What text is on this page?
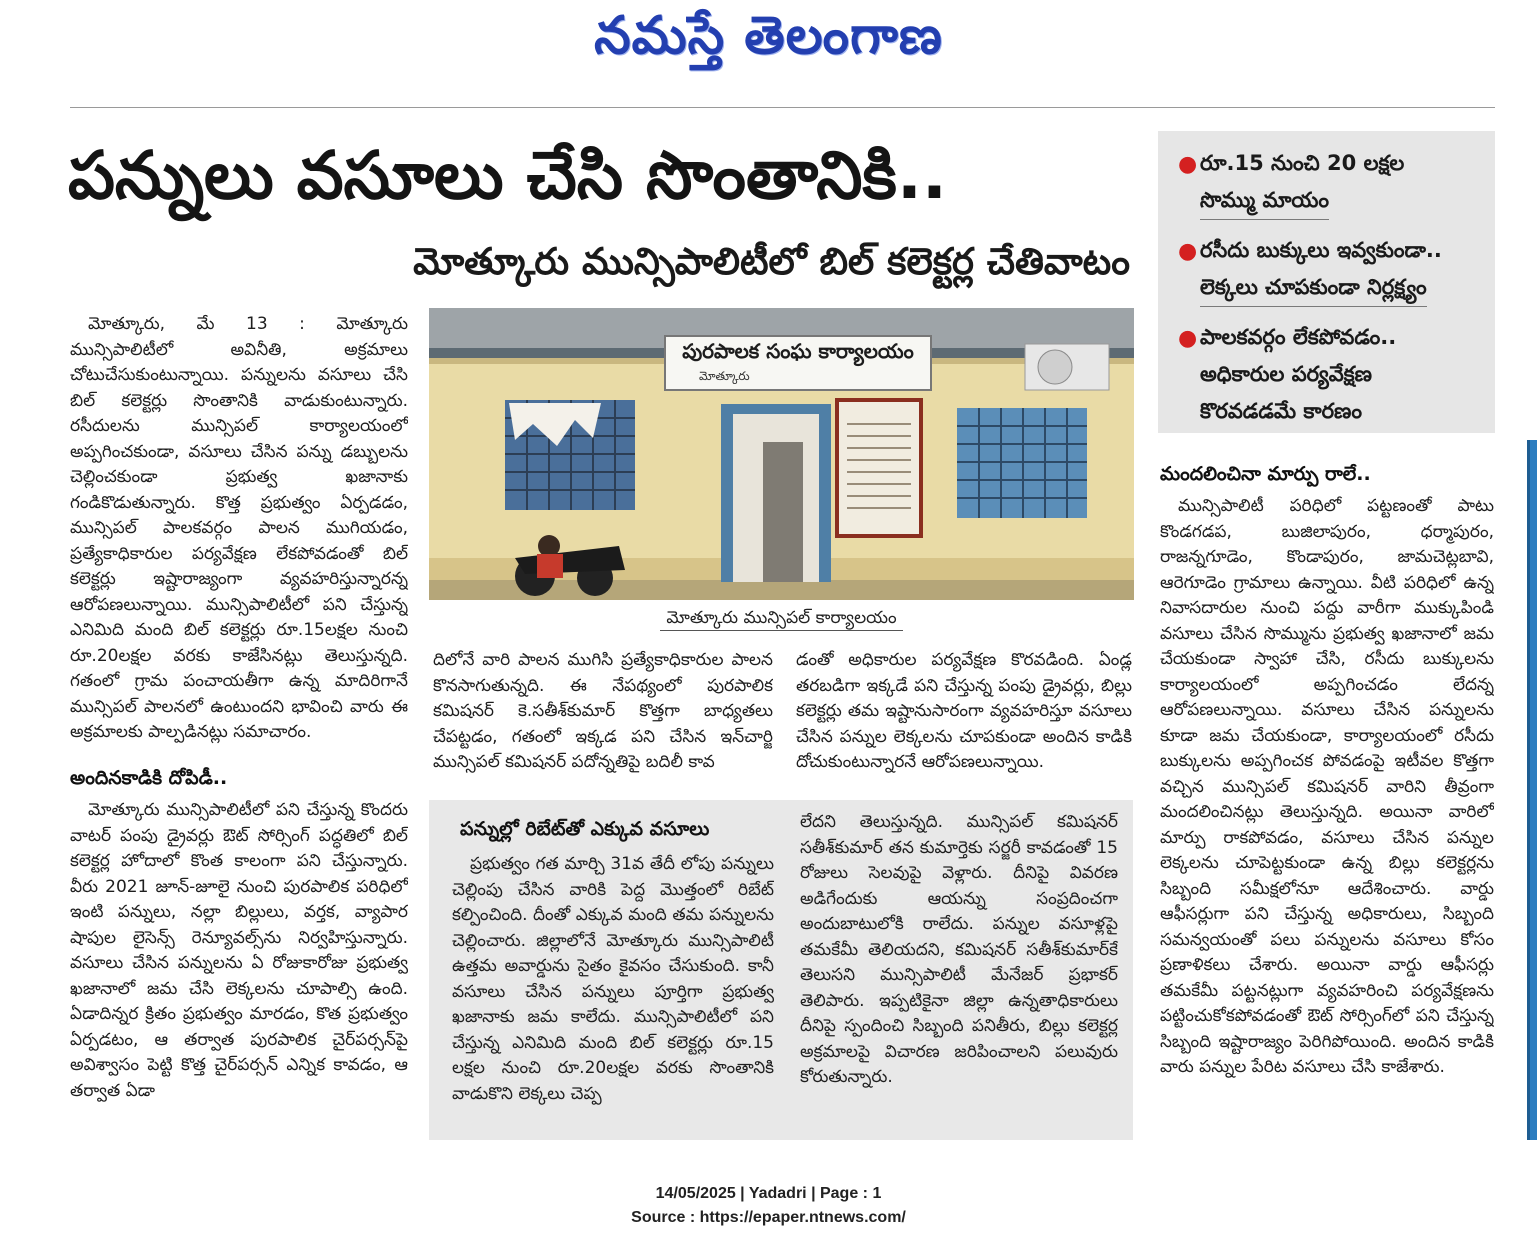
నమస్తే తెలంగాణ
పన్నులు వసూలు చేసి సొంతానికి..
మోత్కూరు మున్సిపాలిటీలో బిల్ కలెక్టర్ల చేతివాటం
● రూ.15 నుంచి 20 లక్షల
సొమ్ము మాయం
● రసీదు బుక్కులు ఇవ్వకుండా..
లెక్కలు చూపకుండా నిర్లక్ష్యం
● పాలకవర్గం లేకపోవడం..
అధికారుల పర్యవేక్షణ
కొరవడడమే కారణం

మోత్కూరు, మే 13 : మోత్కూరు మున్సిపాలిటీలో అవినీతి, అక్రమాలు చోటుచేసుకుంటున్నాయి. పన్నులను వసూలు చేసి బిల్ కలెక్టర్లు సొంతానికి వాడుకుంటున్నారు. రసీదులను మున్సిపల్ కార్యాలయంలో అప్పగించకుండా, వసూలు చేసిన పన్ను డబ్బులను చెల్లించకుండా ప్రభుత్వ ఖజానాకు గండికొడుతున్నారు. కొత్త ప్రభుత్వం ఏర్పడడం, మున్సిపల్ పాలకవర్గం పాలన ముగియడం, ప్రత్యేకాధికారుల పర్యవేక్షణ లేకపోవడంతో బిల్ కలెక్టర్లు ఇష్టారాజ్యంగా వ్యవహరిస్తున్నారన్న ఆరోపణలున్నాయి. మున్సిపాలిటీలో పని చేస్తున్న ఎనిమిది మంది బిల్ కలెక్టర్లు రూ.15లక్షల నుంచి రూ.20లక్షల వరకు కాజేసినట్లు తెలుస్తున్నది. గతంలో గ్రామ పంచాయతీగా ఉన్న మాదిరిగానే మున్సిపల్ పాలనలో ఉంటుందని భావించి వారు ఈ అక్రమాలకు పాల్పడినట్లు సమాచారం.

అందినకాడికి దోపిడీ..

మోత్కూరు మున్సిపాలిటీలో పని చేస్తున్న కొందరు వాటర్ పంపు డ్రైవర్లు ఔట్ సోర్సింగ్ పద్ధతిలో బిల్ కలెక్టర్ల హోదాలో కొంత కాలంగా పని చేస్తున్నారు. వీరు 2021 జూన్-జూలై నుంచి పురపాలిక పరిధిలో ఇంటి పన్నులు, నల్లా బిల్లులు, వర్తక, వ్యాపార షాపుల లైసెన్స్ రెన్యూవల్స్‌ను నిర్వహిస్తున్నారు. వసూలు చేసిన పన్నులను ఏ రోజుకారోజు ప్రభుత్వ ఖజానాలో జమ చేసి లెక్కలను చూపాల్సి ఉంది. ఏడాదిన్నర క్రితం ప్రభుత్వం మారడం, కొత ప్రభుత్వం ఏర్పడటం, ఆ తర్వాత పురపాలిక చైర్‌పర్సన్‌పై అవిశ్వాసం పెట్టి కొత్త చైర్‌పర్సన్ ఎన్నిక కావడం, ఆ తర్వాత ఏడా

పురపాలక సంఘ కార్యాలయం
మోత్కూరు
మోత్కూరు మున్సిపల్ కార్యాలయం

దిలోనే వారి పాలన ముగిసి ప్రత్యేకాధికారుల పాలన కొనసాగుతున్నది. ఈ నేపథ్యంలో పురపాలిక కమిషనర్ కె.సతీశ్‌కుమార్ కొత్తగా బాధ్యతలు చేపట్టడం, గతంలో ఇక్కడ పని చేసిన ఇన్‌చార్జి మున్సిపల్ కమిషనర్ పదోన్నతిపై బదిలీ కావ

డంతో అధికారుల పర్యవేక్షణ కొరవడింది. ఏండ్ల తరబడిగా ఇక్కడే పని చేస్తున్న పంపు డ్రైవర్లు, బిల్లు కలెక్టర్లు తమ ఇష్టానుసారంగా వ్యవహరిస్తూ వసూలు చేసిన పన్నుల లెక్కలను చూపకుండా అందిన కాడికి దోచుకుంటున్నారనే ఆరోపణలున్నాయి.

పన్నుల్లో రిబేట్‌తో ఎక్కువ వసూలు

ప్రభుత్వం గత మార్చి 31వ తేదీ లోపు పన్నులు చెల్లింపు చేసిన వారికి పెద్ద మొత్తంలో రిబేట్ కల్పించింది. దీంతో ఎక్కువ మంది తమ పన్నులను చెల్లించారు. జిల్లాలోనే మోత్కూరు మున్సిపాలిటీ ఉత్తమ అవార్డును సైతం కైవసం చేసుకుంది. కానీ వసూలు చేసిన పన్నులు పూర్తిగా ప్రభుత్వ ఖజానాకు జమ కాలేదు. మున్సిపాలిటీలో పని చేస్తున్న ఎనిమిది మంది బిల్ కలెక్టర్లు రూ.15 లక్షల నుంచి రూ.20లక్షల వరకు సొంతానికి వాడుకొని లెక్కలు చెప్ప

లేదని తెలుస్తున్నది. మున్సిపల్ కమిషనర్ సతీశ్‌కుమార్ తన కుమార్తెకు సర్జరీ కావడంతో 15 రోజులు సెలవుపై వెళ్లారు. దీనిపై వివరణ అడిగేందుకు ఆయన్ను సంప్రదించగా అందుబాటులోకి రాలేదు. పన్నుల వసూళ్లపై తమకేమీ తెలియదని, కమిషనర్ సతీశ్‌కుమార్‌కే తెలుసని మున్సిపాలిటీ మేనేజర్ ప్రభాకర్ తెలిపారు. ఇప్పటికైనా జిల్లా ఉన్నతాధికారులు దీనిపై స్పందించి సిబ్బంది పనితీరు, బిల్లు కలెక్టర్ల అక్రమాలపై విచారణ జరిపించాలని పలువురు కోరుతున్నారు.

మందలించినా మార్పు రాలే..

మున్సిపాలిటీ పరిధిలో పట్టణంతో పాటు కొండగడప, బుజిలాపురం, ధర్మాపురం, రాజన్నగూడెం, కొండాపురం, జామచెట్లబావి, ఆరెగూడెం గ్రామాలు ఉన్నాయి. వీటి పరిధిలో ఉన్న నివాసదారుల నుంచి పద్దు వారీగా ముక్కుపిండి వసూలు చేసిన సొమ్మును ప్రభుత్వ ఖజానాలో జమ చేయకుండా స్వాహా చేసి, రసీదు బుక్కులను కార్యాలయంలో అప్పగించడం లేదన్న ఆరోపణలున్నాయి. వసూలు చేసిన పన్నులను కూడా జమ చేయకుండా, కార్యాలయంలో రసీదు బుక్కులను అప్పగించక పోవడంపై ఇటీవల కొత్తగా వచ్చిన మున్సిపల్ కమిషనర్ వారిని తీవ్రంగా మందలించినట్లు తెలుస్తున్నది. అయినా వారిలో మార్పు రాకపోవడం, వసూలు చేసిన పన్నుల లెక్కలను చూపెట్టకుండా ఉన్న బిల్లు కలెక్టర్లను సిబ్బంది సమీక్షలోనూ ఆదేశించారు. వార్డు ఆఫీసర్లుగా పని చేస్తున్న అధికారులు, సిబ్బంది సమన్వయంతో పలు పన్నులను వసూలు కోసం ప్రణాళికలు చేశారు. అయినా వార్డు ఆఫీసర్లు తమకేమీ పట్టనట్లుగా వ్యవహరించి పర్యవేక్షణను పట్టించుకోకపోవడంతో ఔట్ సోర్సింగ్‌లో పని చేస్తున్న సిబ్బంది ఇష్టారాజ్యం పెరిగిపోయింది. అందిన కాడికి వారు పన్నుల పేరిట వసూలు చేసి కాజేశారు.

14/05/2025 | Yadadri | Page : 1
Source : https://epaper.ntnews.com/
